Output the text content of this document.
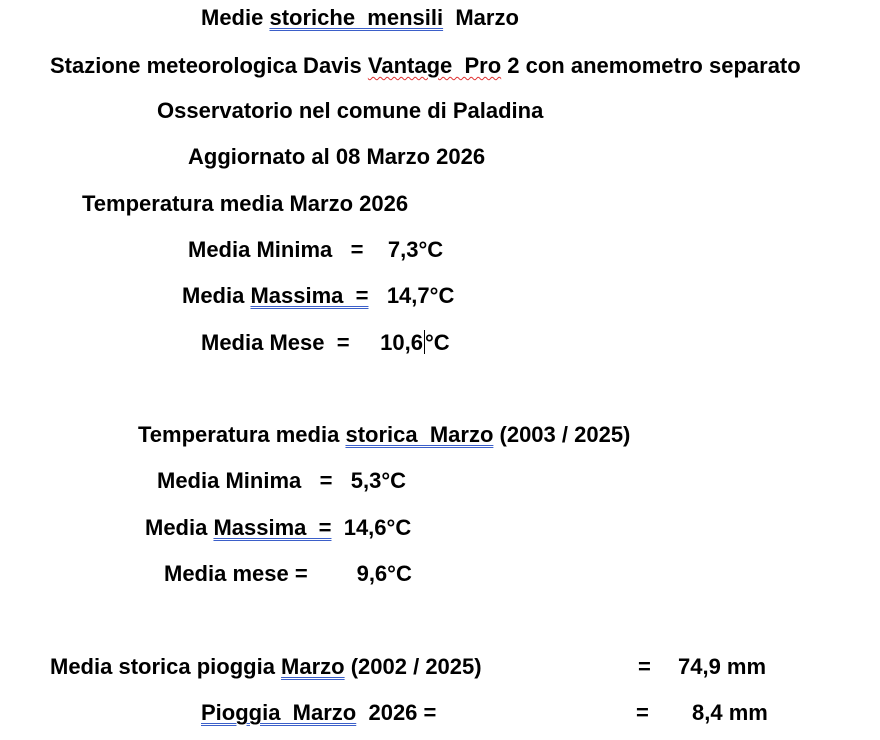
Medie storiche  mensili  Marzo

Stazione meteorologica Davis Vantage  Pro 2 con anemometro separato

Osservatorio nel comune di Paladina

Aggiornato al 08 Marzo 2026

Temperatura media Marzo 2026

Media Minima   =    7,3°C

Media Massima  =   14,7°C

Media Mese  =     10,6°C

Temperatura media storica  Marzo (2003 / 2025)

Media Minima   =   5,3°C

Media Massima  =  14,6°C

Media mese =        9,6°C

Media storica pioggia Marzo (2002 / 2025)	= 74,9 mm

Pioggia  Marzo  2026 =	= 8,4 mm
